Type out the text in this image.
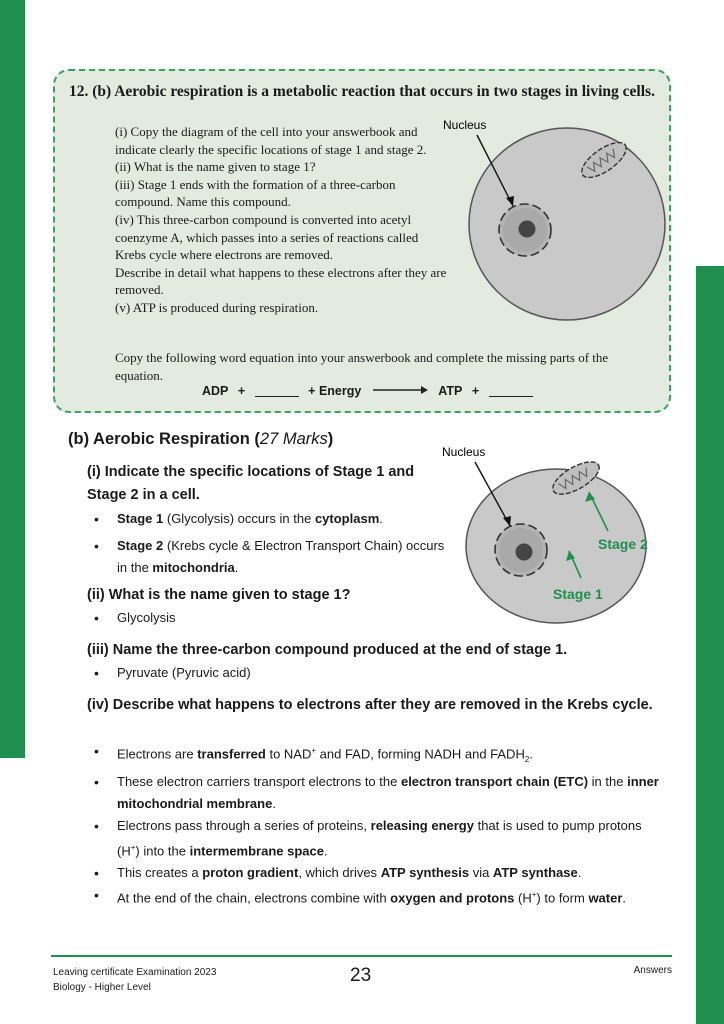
12. (b) Aerobic respiration is a metabolic reaction that occurs in two stages in living cells.

(i) Copy the diagram of the cell into your answerbook and indicate clearly the specific locations of stage 1 and stage 2.

(ii) What is the name given to stage 1?

(iii) Stage 1 ends with the formation of a three-carbon compound. Name this compound.

(iv) This three-carbon compound is converted into acetyl coenzyme A, which passes into a series of reactions called Krebs cycle where electrons are removed.

Describe in detail what happens to these electrons after they are removed.

(v) ATP is produced during respiration.

Copy the following word equation into your answerbook and complete the missing parts of the equation.

ADP +	+ Energy	ATP +
Nucleus
(b) Aerobic Respiration (27 Marks)
Nucleus
Stage 2
Stage 1
(i) Indicate the specific locations of Stage 1 and Stage 2 in a cell.
• Stage 1 (Glycolysis) occurs in the cytoplasm.
• Stage 2 (Krebs cycle & Electron Transport Chain) occurs in the mitochondria.
(ii) What is the name given to stage 1?
• Glycolysis
(iii) Name the three-carbon compound produced at the end of stage 1.
• Pyruvate (Pyruvic acid)
(iv) Describe what happens to electrons after they are removed in the Krebs cycle.
• Electrons are transferred to NAD+ and FAD, forming NADH and $FADH_2$.
• These electron carriers transport electrons to the electron transport chain (ETC) in the inner mitochondrial membrane.
• Electrons pass through a series of proteins, releasing energy that is used to pump protons (H+) into the intermembrane space.
• This creates a proton gradient, which drives ATP synthesis via ATP synthase.
• At the end of the chain, electrons combine with oxygen and protons (H+) to form water.
Leaving certificate Examination 2023
Biology - Higher Level
23	Answers
